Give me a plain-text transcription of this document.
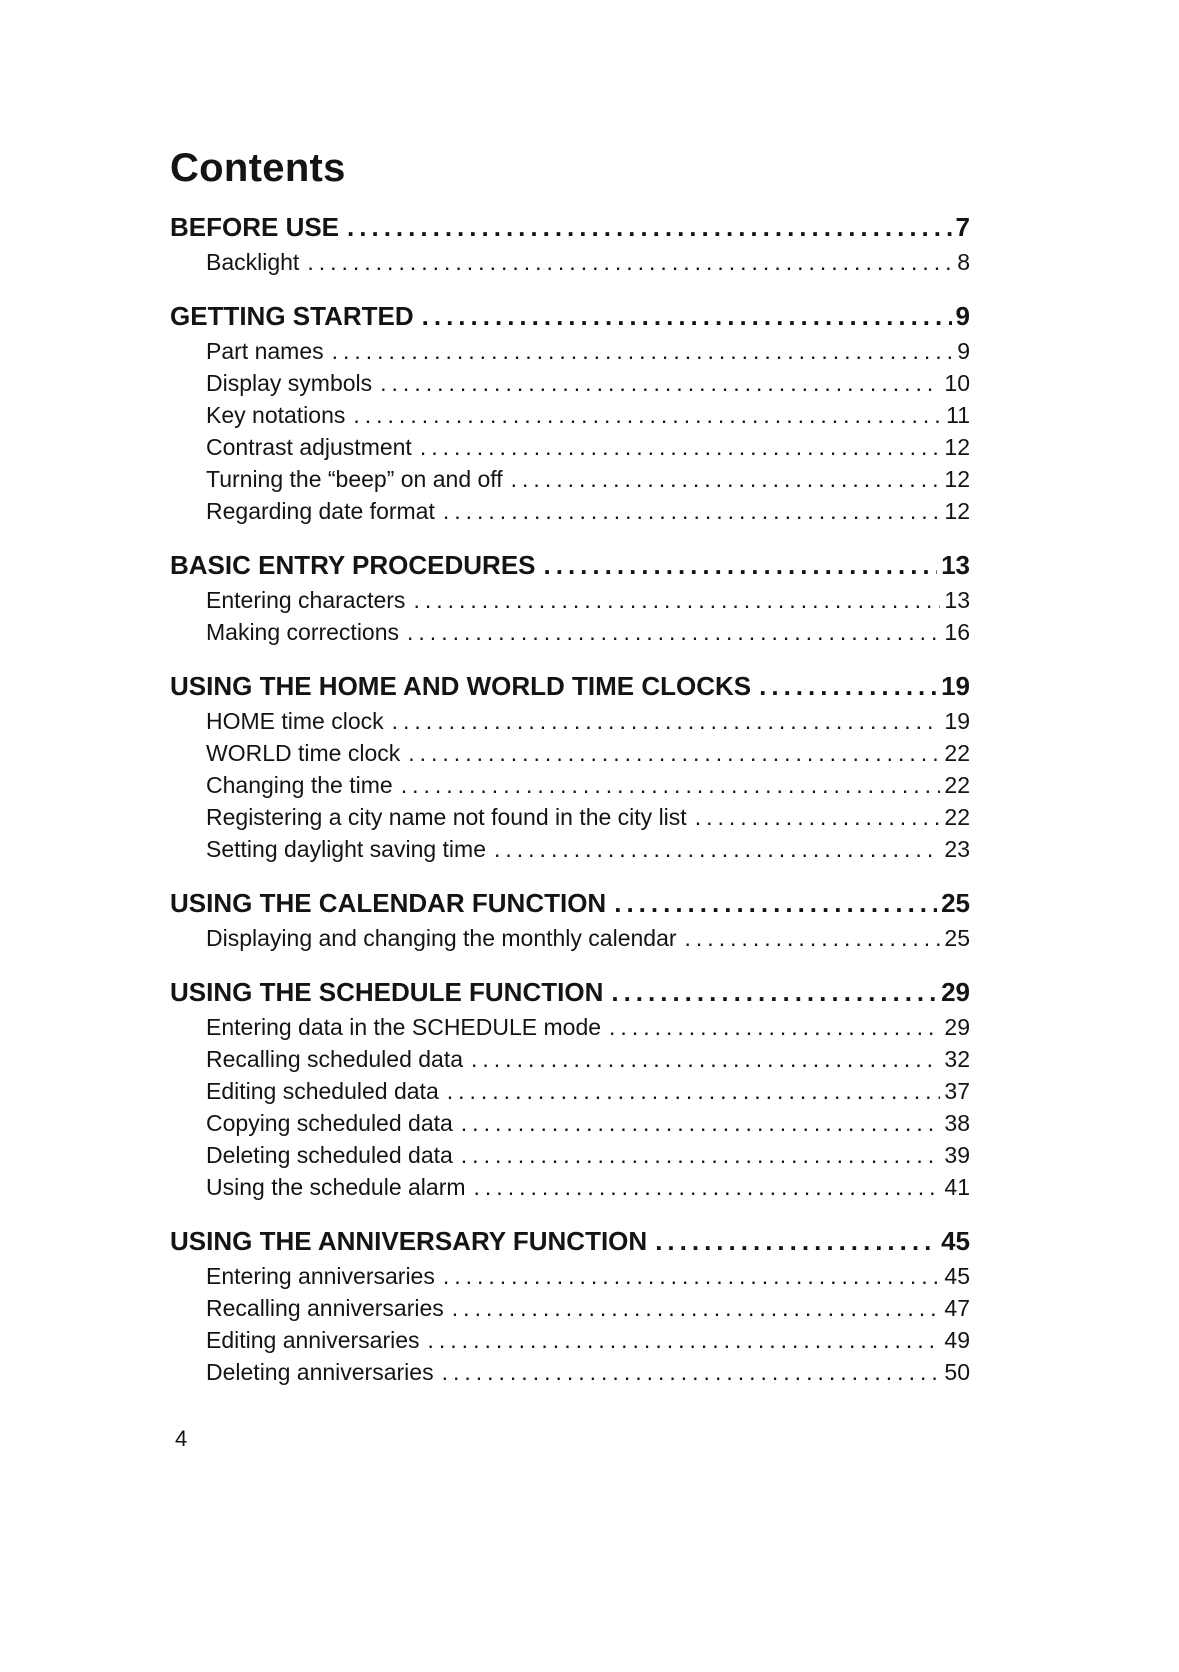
Contents
BEFORE USE .....	7
Backlight .....	8
GETTING STARTED .....	9
Part names .....	9
Display symbols .....	10
Key notations .....	11
Contrast adjustment .....	12
Turning the “beep” on and off .....	12
Regarding date format .....	12
BASIC ENTRY PROCEDURES .....	13
Entering characters .....	13
Making corrections .....	16
USING THE HOME AND WORLD TIME CLOCKS .....	19
HOME time clock .....	19
WORLD time clock .....	22
Changing the time .....	22
Registering a city name not found in the city list .....	22
Setting daylight saving time .....	23
USING THE CALENDAR FUNCTION .....	25
Displaying and changing the monthly calendar .....	25
USING THE SCHEDULE FUNCTION .....	29
Entering data in the SCHEDULE mode .....	29
Recalling scheduled data .....	32
Editing scheduled data .....	37
Copying scheduled data .....	38
Deleting scheduled data .....	39
Using the schedule alarm .....	41
USING THE ANNIVERSARY FUNCTION .....	45
Entering anniversaries .....	45
Recalling anniversaries .....	47
Editing anniversaries .....	49
Deleting anniversaries .....	50
4
